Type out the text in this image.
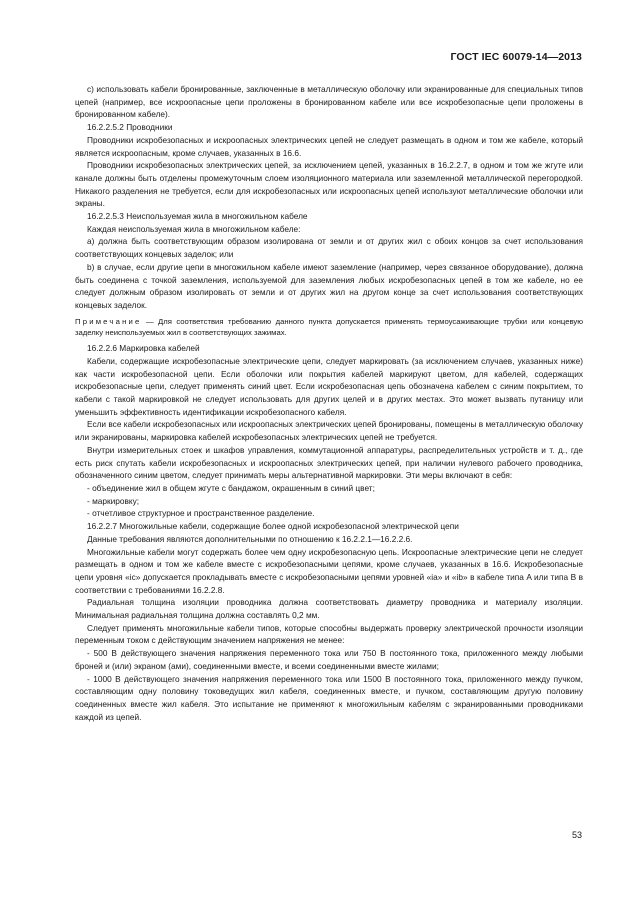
ГОСТ IEC 60079-14—2013

c) использовать кабели бронированные, заключенные в металлическую оболочку или экранированные для специальных типов цепей (например, все искроопасные цепи проложены в бронированном кабеле или все искробезопасные цепи проложены в бронированном кабеле).

16.2.2.5.2 Проводники

Проводники искробезопасных и искроопасных электрических цепей не следует размещать в одном и том же кабеле, который является искроопасным, кроме случаев, указанных в 16.6.

Проводники искробезопасных электрических цепей, за исключением цепей, указанных в 16.2.2.7, в одном и том же жгуте или канале должны быть отделены промежуточным слоем изоляционного материала или заземленной металлической перегородкой. Никакого разделения не требуется, если для искробезопасных или искроопасных цепей используют металлические оболочки или экраны.

16.2.2.5.3 Неиспользуемая жила в многожильном кабеле

Каждая неиспользуемая жила в многожильном кабеле:

a) должна быть соответствующим образом изолирована от земли и от других жил с обоих концов за счет использования соответствующих концевых заделок; или

b) в случае, если другие цепи в многожильном кабеле имеют заземление (например, через связанное оборудование), должна быть соединена с точкой заземления, используемой для заземления любых искробезопасных цепей в том же кабеле, но ее следует должным образом изолировать от земли и от других жил на другом конце за счет использования соответствующих концевых заделок.

Примечание — Для соответствия требованию данного пункта допускается применять термоусаживающие трубки или концевую заделку неиспользуемых жил в соответствующих зажимах.

16.2.2.6 Маркировка кабелей

Кабели, содержащие искробезопасные электрические цепи, следует маркировать (за исключением случаев, указанных ниже) как части искробезопасной цепи. Если оболочки или покрытия кабелей маркируют цветом, для кабелей, содержащих искробезопасные цепи, следует применять синий цвет. Если искробезопасная цепь обозначена кабелем с синим покрытием, то кабели с такой маркировкой не следует использовать для других целей и в других местах. Это может вызвать путаницу или уменьшить эффективность идентификации искробезопасного кабеля.

Если все кабели искробезопасных или искроопасных электрических цепей бронированы, помещены в металлическую оболочку или экранированы, маркировка кабелей искробезопасных электрических цепей не требуется.

Внутри измерительных стоек и шкафов управления, коммутационной аппаратуры, распределительных устройств и т. д., где есть риск спутать кабели искробезопасных и искроопасных электрических цепей, при наличии нулевого рабочего проводника, обозначенного синим цветом, следует принимать меры альтернативной маркировки. Эти меры включают в себя:

- объединение жил в общем жгуте с бандажом, окрашенным в синий цвет;

- маркировку;

- отчетливое структурное и пространственное разделение.

16.2.2.7 Многожильные кабели, содержащие более одной искробезопасной электрической цепи

Данные требования являются дополнительными по отношению к 16.2.2.1—16.2.2.6.

Многожильные кабели могут содержать более чем одну искробезопасную цепь. Искроопасные электрические цепи не следует размещать в одном и том же кабеле вместе с искробезопасными цепями, кроме случаев, указанных в 16.6. Искробезопасные цепи уровня «ic» допускается прокладывать вместе с искробезопасными цепями уровней «ia» и «ib» в кабеле типа A или типа B в соответствии с требованиями 16.2.2.8.

Радиальная толщина изоляции проводника должна соответствовать диаметру проводника и материалу изоляции. Минимальная радиальная толщина должна составлять 0,2 мм.

Следует применять многожильные кабели типов, которые способны выдержать проверку электрической прочности изоляции переменным током с действующим значением напряжения не менее:

- 500 В действующего значения напряжения переменного тока или 750 В постоянного тока, приложенного между любыми броней и (или) экраном (ами), соединенными вместе, и всеми соединенными вместе жилами;

- 1000 В действующего значения напряжения переменного тока или 1500 В постоянного тока, приложенного между пучком, составляющим одну половину токоведущих жил кабеля, соединенных вместе, и пучком, составляющим другую половину соединенных вместе жил кабеля. Это испытание не применяют к многожильным кабелям с экранированными проводниками каждой из цепей.

53
